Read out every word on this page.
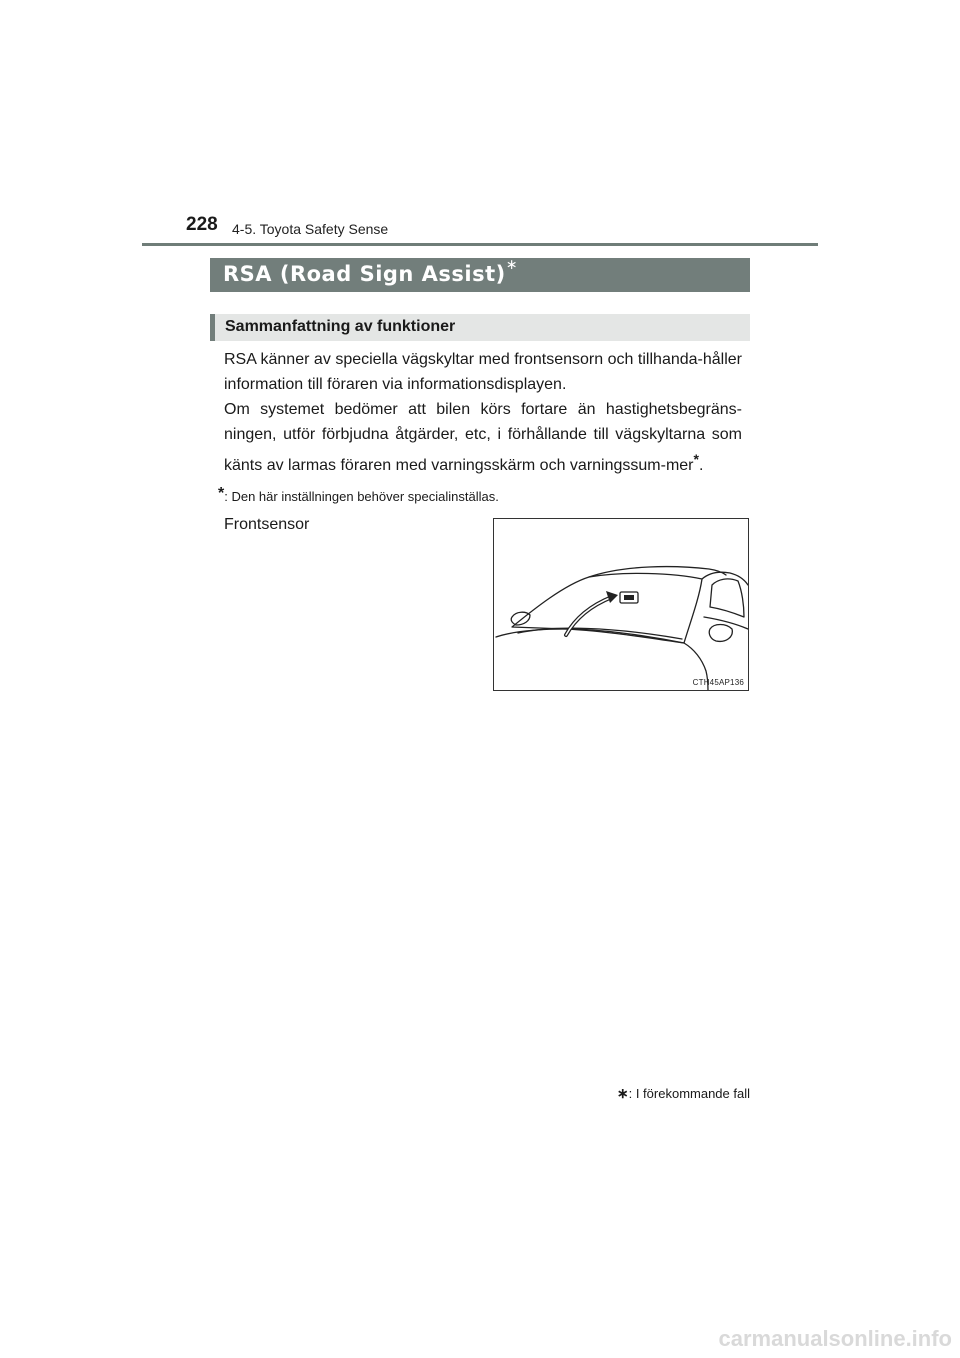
228 4-5. Toyota Safety Sense
RSA (Road Sign Assist) ∗
Sammanfattning av funktioner

RSA känner av speciella vägskyltar med frontsensorn och tillhanda-håller information till föraren via informationsdisplayen.

Om systemet bedömer att bilen körs fortare än hastighetsbegräns-ningen, utför förbjudna åtgärder, etc, i förhållande till vägskyltarna som känts av larmas föraren med varningsskärm och varningssum-mer*.

*: Den här inställningen behöver specialinställas.
Frontsensor
CTH45AP136
∗: I förekommande fall
carmanualsonline.info
